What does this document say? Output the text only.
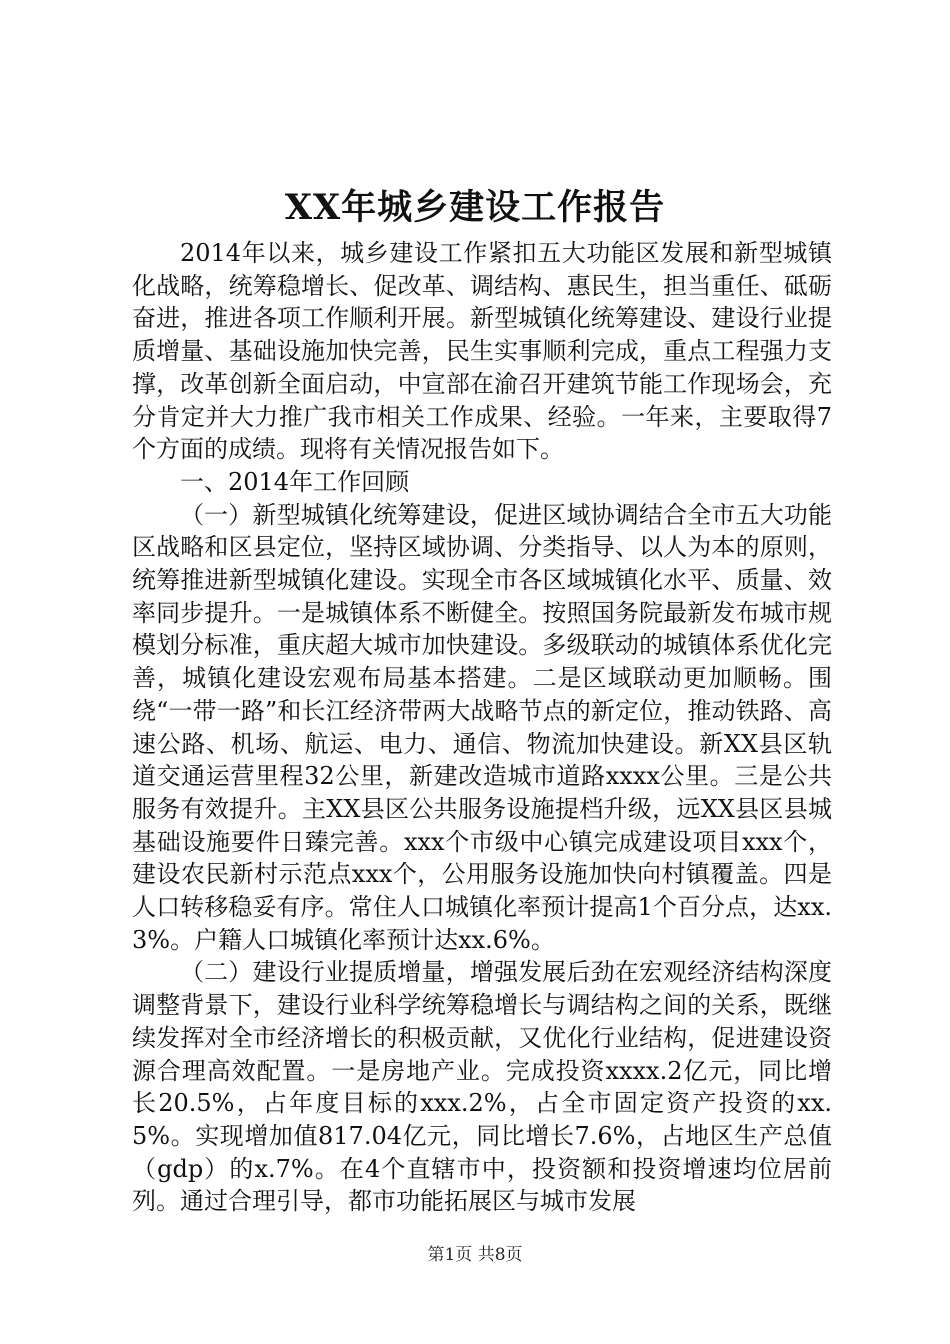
XX年城乡建设工作报告

2014年以来，城乡建设工作紧扣五大功能区发展和新型城镇化战略，统筹稳增长、促改革、调结构、惠民生，担当重任、砥砺奋进，推进各项工作顺利开展。新型城镇化统筹建设、建设行业提质增量、基础设施加快完善，民生实事顺利完成，重点工程强力支撑，改革创新全面启动，中宣部在渝召开建筑节能工作现场会，充分肯定并大力推广我市相关工作成果、经验。一年来，主要取得7个方面的成绩。现将有关情况报告如下。

一、2014年工作回顾

（一）新型城镇化统筹建设，促进区域协调结合全市五大功能区战略和区县定位，坚持区域协调、分类指导、以人为本的原则，统筹推进新型城镇化建设。实现全市各区域城镇化水平、质量、效率同步提升。一是城镇体系不断健全。按照国务院最新发布城市规模划分标准，重庆超大城市加快建设。多级联动的城镇体系优化完善，城镇化建设宏观布局基本搭建。二是区域联动更加顺畅。围绕“一带一路”和长江经济带两大战略节点的新定位，推动铁路、高速公路、机场、航运、电力、通信、物流加快建设。新XX县区轨道交通运营里程32公里，新建改造城市道路xxxx公里。三是公共服务有效提升。主XX县区公共服务设施提档升级，远XX县区县城基础设施要件日臻完善。xxx个市级中心镇完成建设项目xxx个，建设农民新村示范点xxx个，公用服务设施加快向村镇覆盖。四是人口转移稳妥有序。常住人口城镇化率预计提高1个百分点，达xx.3%。户籍人口城镇化率预计达xx.6%。

（二）建设行业提质增量，增强发展后劲在宏观经济结构深度调整背景下，建设行业科学统筹稳增长与调结构之间的关系，既继续发挥对全市经济增长的积极贡献，又优化行业结构，促进建设资源合理高效配置。一是房地产业。完成投资xxxx.2亿元，同比增长20.5%，占年度目标的xxx.2%，占全市固定资产投资的xx.5%。实现增加值817.04亿元，同比增长7.6%，占地区生产总值（gdp）的x.7%。在4个直辖市中，投资额和投资增速均位居前列。通过合理引导，都市功能拓展区与城市发展

第1页 共8页
